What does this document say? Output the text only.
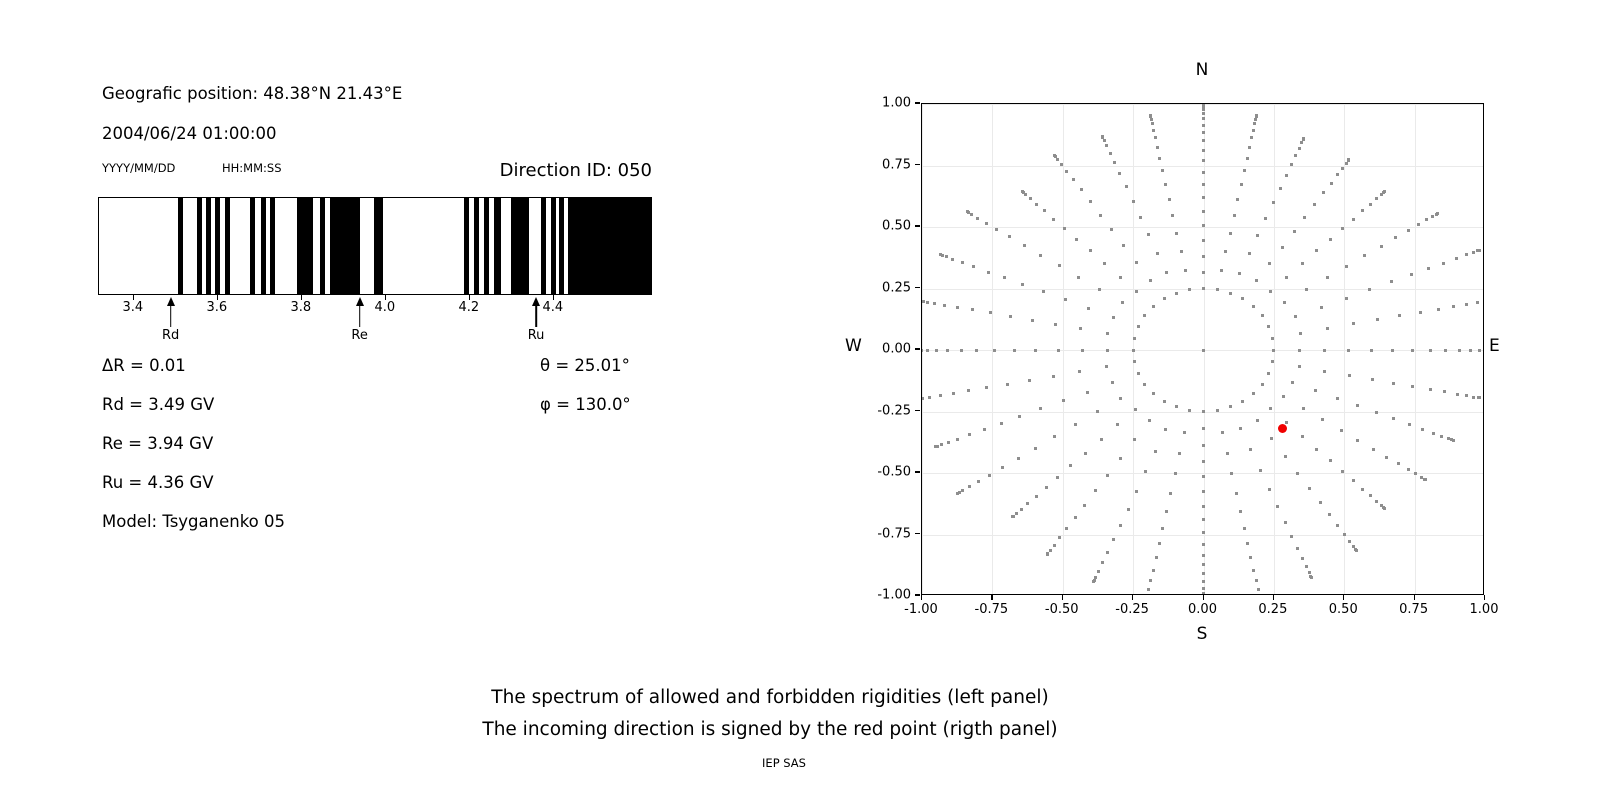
Geografic position: 48.38°N 21.43°E
2004/06/24 01:00:00
YYYY/MM/DD	HH:MM:SS	Direction ID: 050
3.4	3.6	3.8	4.0	4.2	4.4
Rd	Re	Ru
ΔR = 0.01	θ = 25.01°
Rd = 3.49 GV	φ = 130.0°
Re = 3.94 GV
Ru = 4.36 GV
Model: Tsyganenko 05
N
S
W	E
-1.00	-0.75	-0.50	-0.25	0.00	0.25	0.50	0.75	1.00
1.00
0.75
0.50
0.25
0.00
-0.25
-0.50
-0.75
-1.00
The spectrum of allowed and forbidden rigidities (left panel)
The incoming direction is signed by the red point (rigth panel)
IEP SAS
